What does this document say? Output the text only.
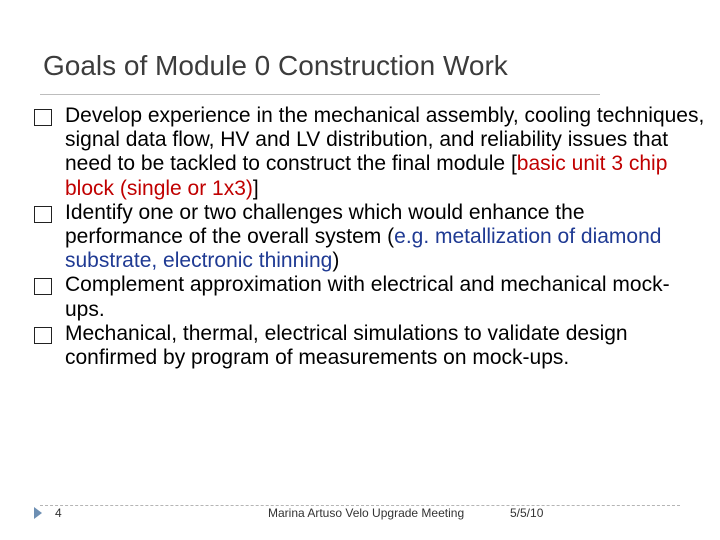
Goals of Module 0 Construction Work

Develop experience in the mechanical assembly, cooling techniques, signal data flow, HV and LV distribution, and reliability issues that need to be tackled to construct the final module [basic unit 3 chip block (single or 1x3)]

Identify one or two challenges which would enhance the performance of the overall system (e.g. metallization of diamond substrate, electronic thinning)

Complement approximation with electrical and mechanical mock-ups.

Mechanical, thermal, electrical simulations to validate design confirmed by program of measurements on mock-ups.

4	Marina Artuso Velo Upgrade Meeting	5/5/10
